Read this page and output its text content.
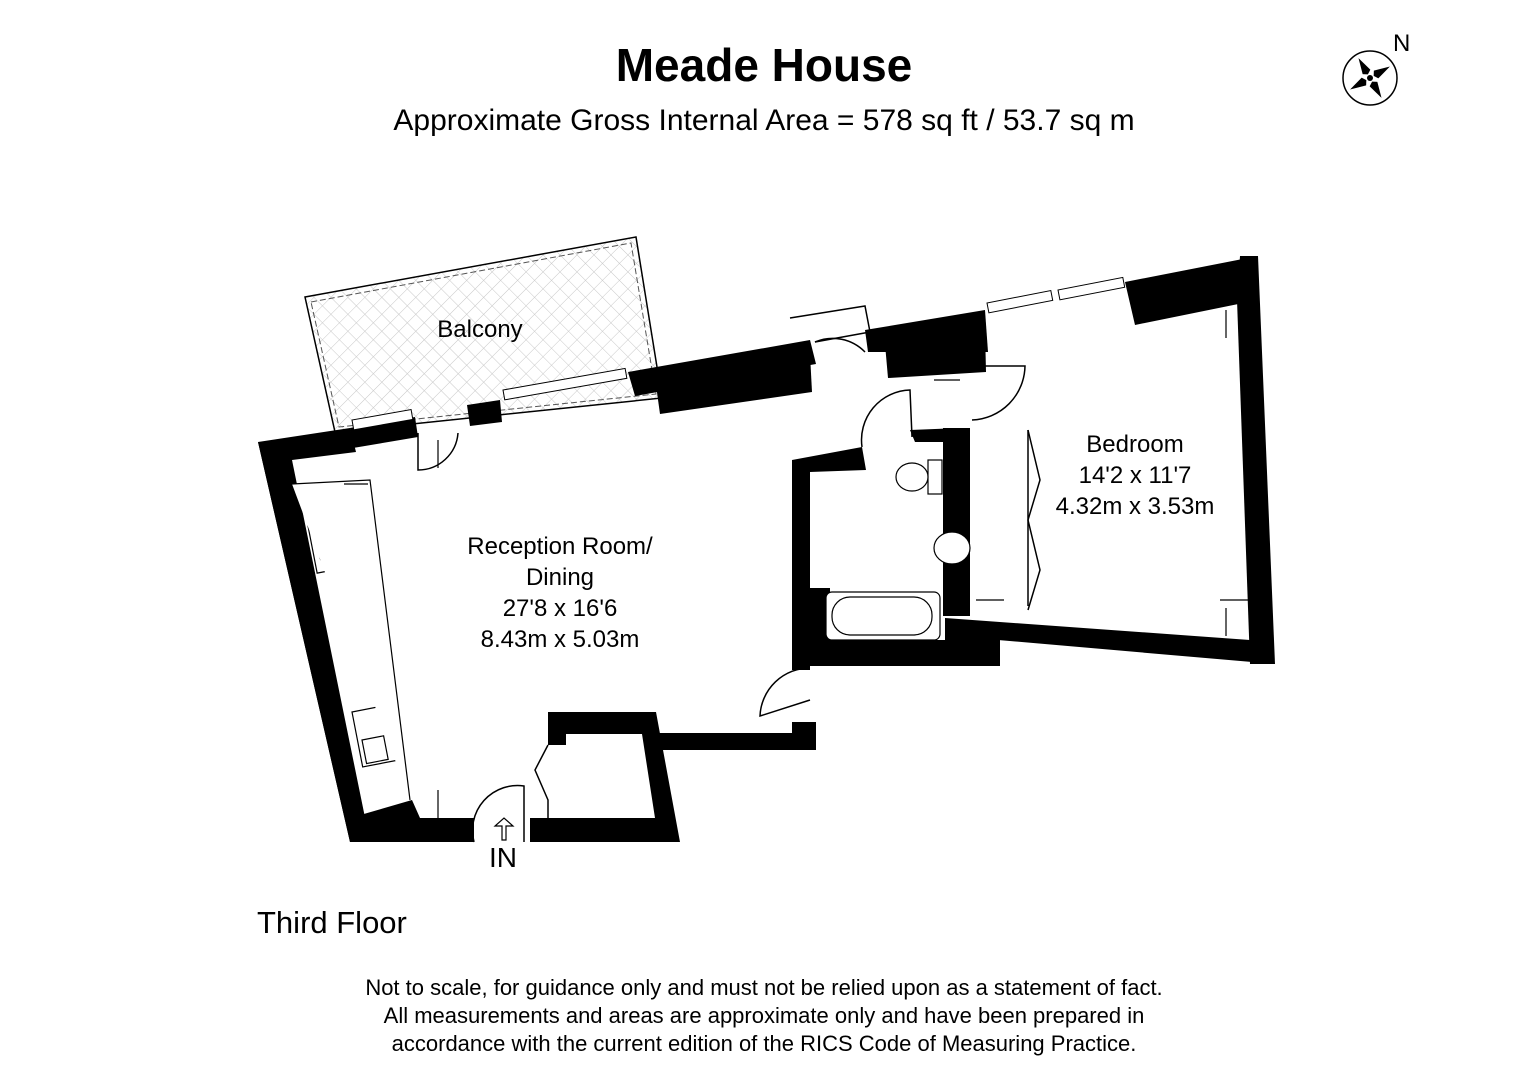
Meade House
Approximate Gross Internal Area = 578 sq ft / 53.7 sq m
N
Balcony
Reception Room/
Dining
27'8 x 16'6
8.43m x 5.03m
Bedroom
14'2 x 11'7
4.32m x 3.53m
IN
Third Floor
Not to scale, for guidance only and must not be relied upon as a statement of fact.
All measurements and areas are approximate only and have been prepared in
accordance with the current edition of the RICS Code of Measuring Practice.
